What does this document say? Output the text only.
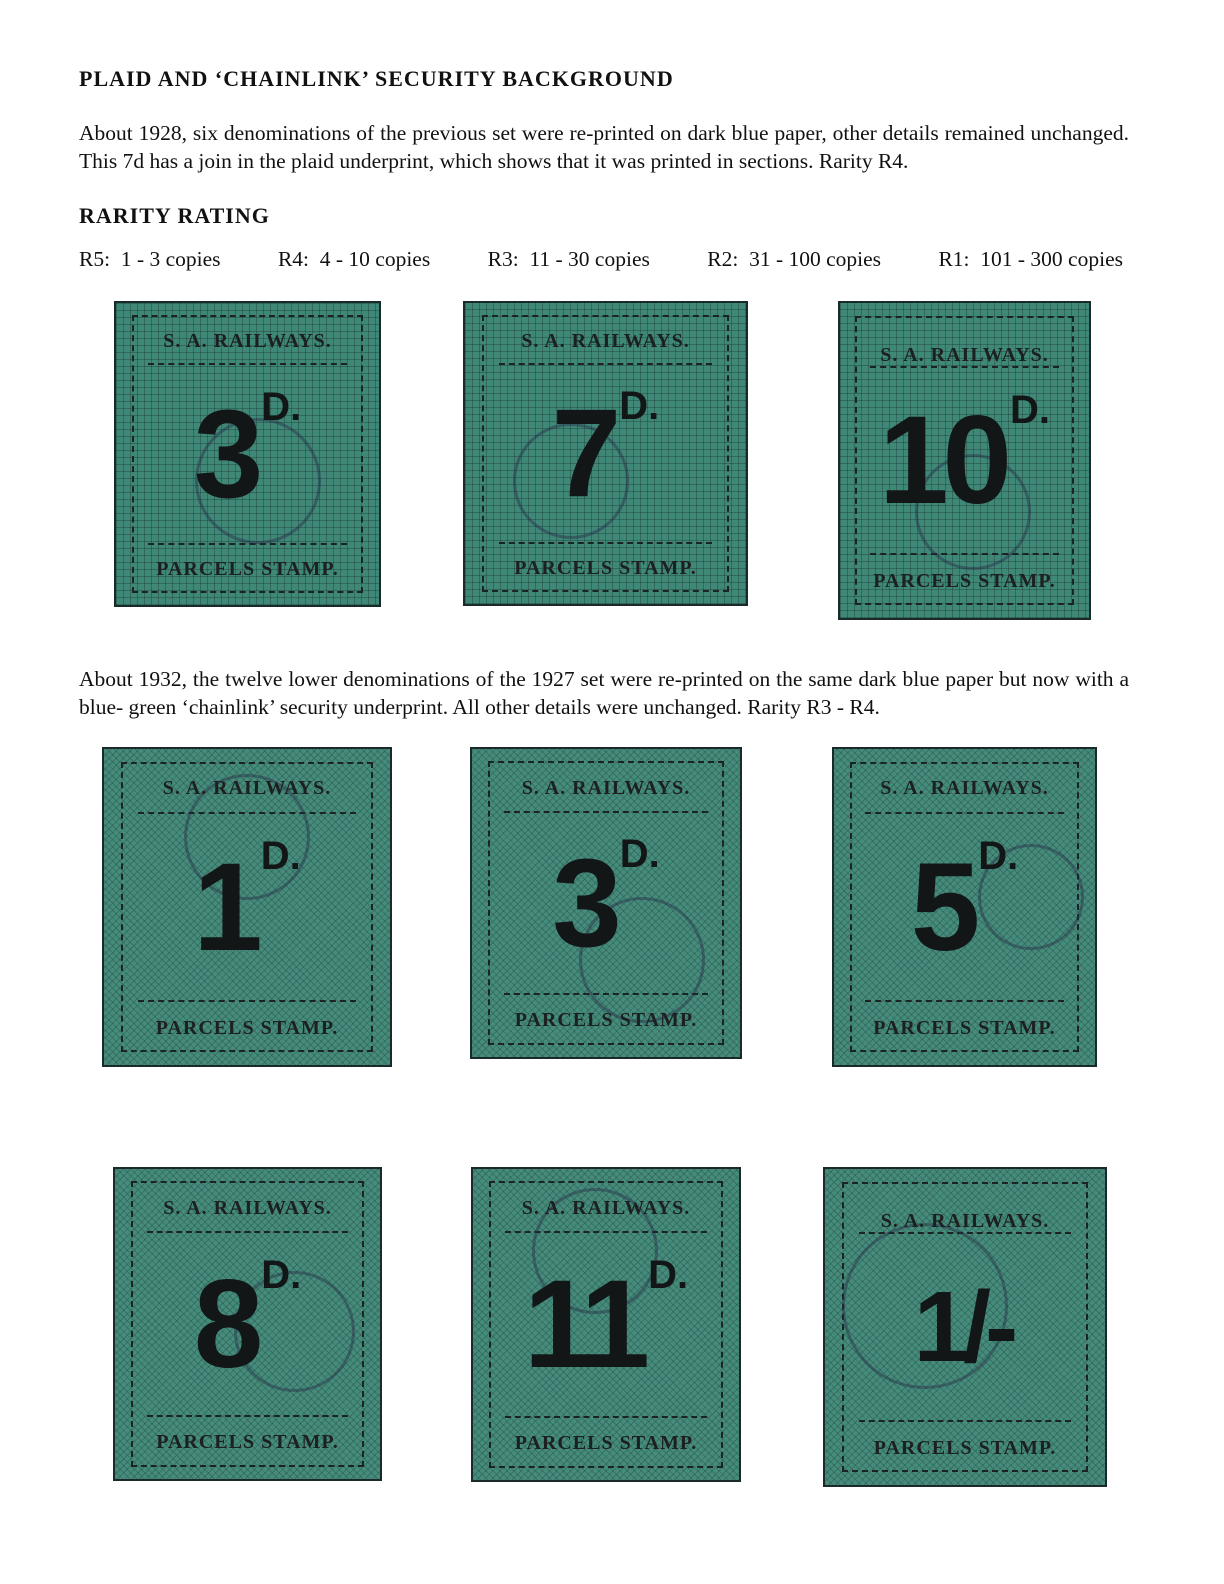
PLAID AND ‘CHAINLINK’ SECURITY BACKGROUND

About 1928, six denominations of the previous set were re-printed on dark blue paper, other details remained unchanged. This 7d has a join in the plaid underprint, which shows that it was printed in sections. Rarity R4.

RARITY RATING
R5:  1 - 3 copies	R4:  4 - 10 copies	R3:  11 - 30 copies	R2:  31 - 100 copies	R1:  101 - 300 copies
S. A. RAILWAYS.
3 D.
PARCELS STAMP.
S. A. RAILWAYS.
7 D.
PARCELS STAMP.
S. A. RAILWAYS.
10 D.
PARCELS STAMP.

About 1932, the twelve lower denominations of the 1927 set were re-printed on the same dark blue paper but now with a blue- green ‘chainlink’ security underprint. All other details were unchanged. Rarity R3 - R4.

S. A. RAILWAYS.
1 D.
PARCELS STAMP.
S. A. RAILWAYS.
3 D.
PARCELS STAMP.
S. A. RAILWAYS.
5 D.
PARCELS STAMP.
S. A. RAILWAYS.
8 D.
PARCELS STAMP.
S. A. RAILWAYS.
11 D.
PARCELS STAMP.
S. A. RAILWAYS.
1/-
PARCELS STAMP.
